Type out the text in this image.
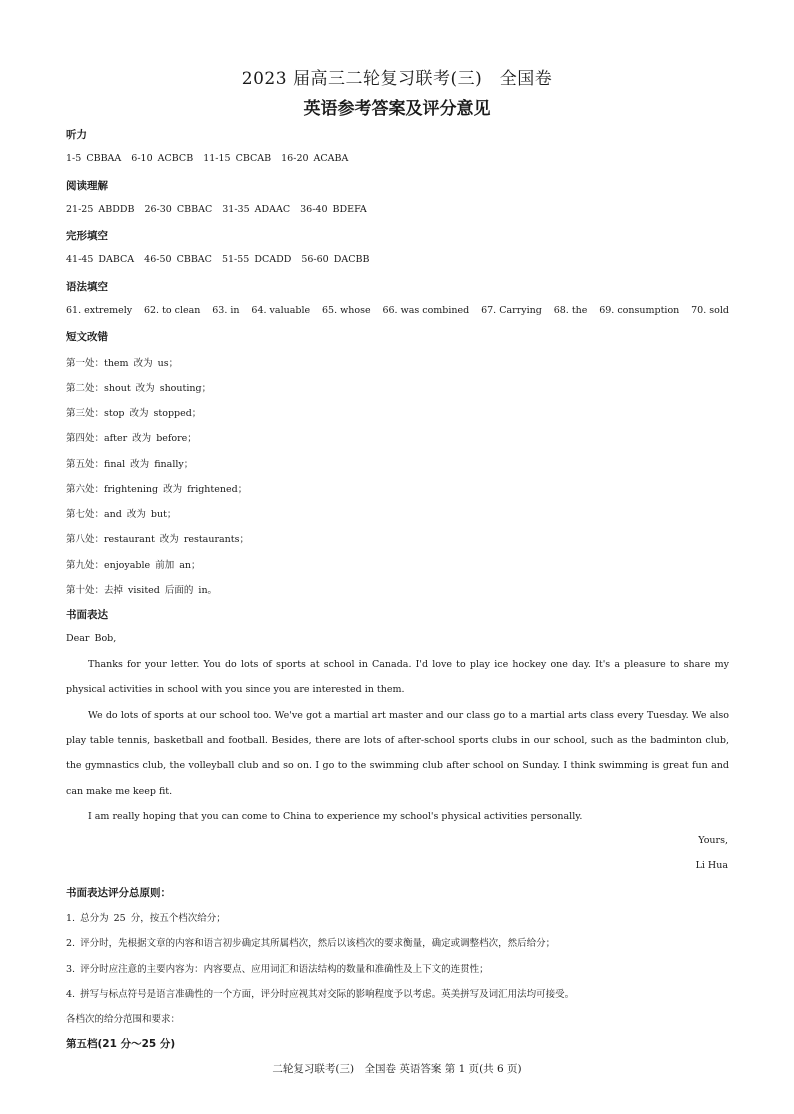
2023 届高三二轮复习联考(三)　全国卷
英语参考答案及评分意见
听力
1-5 CBBAA 6-10 ACBCB 11-15 CBCAB 16-20 ACABA
阅读理解
21-25 ABDDB 26-30 CBBAC 31-35 ADAAC 36-40 BDEFA
完形填空
41-45 DABCA 46-50 CBBAC 51-55 DCADD 56-60 DACBB
语法填空
61. extremely 62. to clean 63. in 64. valuable 65. whose 66. was combined 67. Carrying 68. the 69. consumption 70. sold
短文改错
第一处：them 改为 us；
第二处：shout 改为 shouting；
第三处：stop 改为 stopped；
第四处：after 改为 before；
第五处：final 改为 finally；
第六处：frightening 改为 frightened；
第七处：and 改为 but；
第八处：restaurant 改为 restaurants；
第九处：enjoyable 前加 an；
第十处：去掉 visited 后面的 in。
书面表达
Dear Bob,
Thanks for your letter. You do lots of sports at school in Canada. I'd love to play ice hockey one day. It's a pleasure to share my physical activities in school with you since you are interested in them.
We do lots of sports at our school too. We've got a martial art master and our class go to a martial arts class every Tuesday. We also play table tennis, basketball and football. Besides, there are lots of after-school sports clubs in our school, such as the badminton club, the gymnastics club, the volleyball club and so on. I go to the swimming club after school on Sunday. I think swimming is great fun and can make me keep fit.
I am really hoping that you can come to China to experience my school's physical activities personally.
Yours,
Li Hua
书面表达评分总原则：
1. 总分为 25 分，按五个档次给分；
2. 评分时，先根据文章的内容和语言初步确定其所属档次，然后以该档次的要求衡量，确定或调整档次，然后给分；
3. 评分时应注意的主要内容为：内容要点、应用词汇和语法结构的数量和准确性及上下文的连贯性；
4. 拼写与标点符号是语言准确性的一个方面，评分时应视其对交际的影响程度予以考虑。英美拼写及词汇用法均可接受。
各档次的给分范围和要求：
第五档(21 分～25 分)
二轮复习联考(三)　全国卷 英语答案 第 1 页(共 6 页)
